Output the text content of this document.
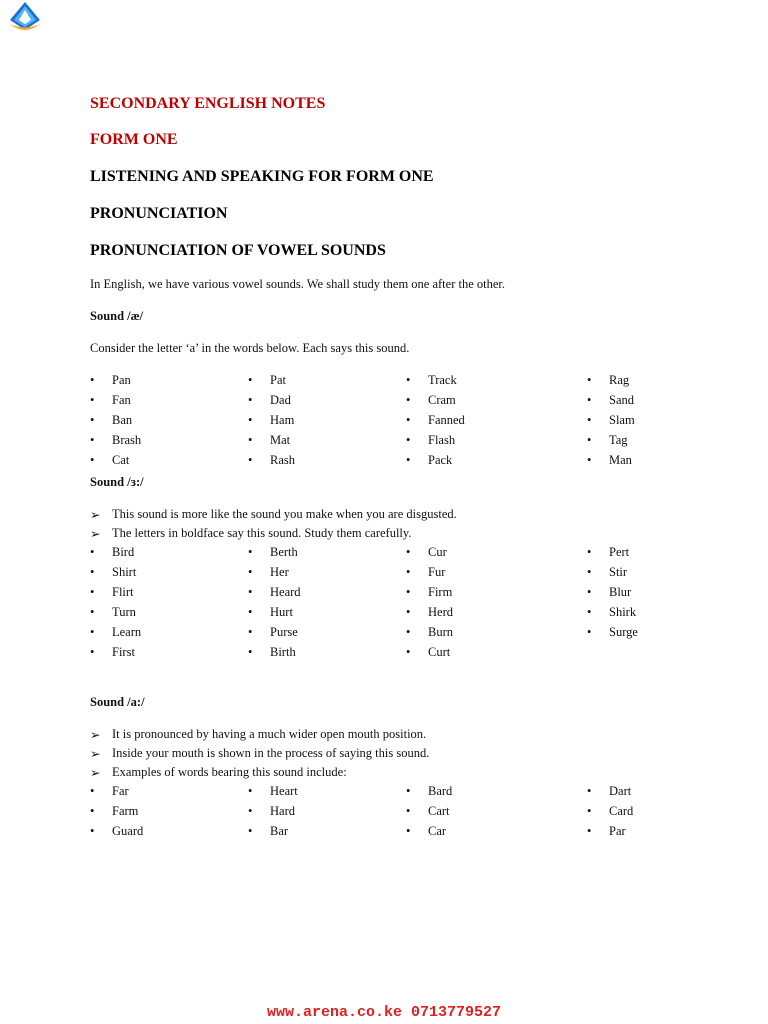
SECONDARY ENGLISH NOTES
FORM ONE
LISTENING AND SPEAKING FOR FORM ONE
PRONUNCIATION
PRONUNCIATION OF VOWEL SOUNDS
In English, we have various vowel sounds. We shall study them one after the other.
Sound /æ/
Consider the letter ‘a’ in the words below. Each says this sound.
•	Pan	•	Pat	•	Track	•	Rag
•	Fan	•	Dad	•	Cram	•	Sand
•	Ban	•	Ham	•	Fanned	•	Slam
•	Brash	•	Mat	•	Flash	•	Tag
•	Cat	•	Rash	•	Pack	•	Man
Sound /ɜ:/
➢ This sound is more like the sound you make when you are disgusted.
➢ The letters in boldface say this sound. Study them carefully.
•	Bird	•	Berth	•	Cur	•	Pert
•	Shirt	•	Her	•	Fur	•	Stir
•	Flirt	•	Heard	•	Firm	•	Blur
•	Turn	•	Hurt	•	Herd	•	Shirk
•	Learn	•	Purse	•	Burn	•	Surge
•	First	•	Birth	•	Curt
Sound /a:/
➢ It is pronounced by having a much wider open mouth position.
➢ Inside your mouth is shown in the process of saying this sound.
➢ Examples of words bearing this sound include:
•	Far	•	Heart	•	Bard	•	Dart
•	Farm	•	Hard	•	Cart	•	Card
•	Guard	•	Bar	•	Car	•	Par
www.arena.co.ke 0713779527
